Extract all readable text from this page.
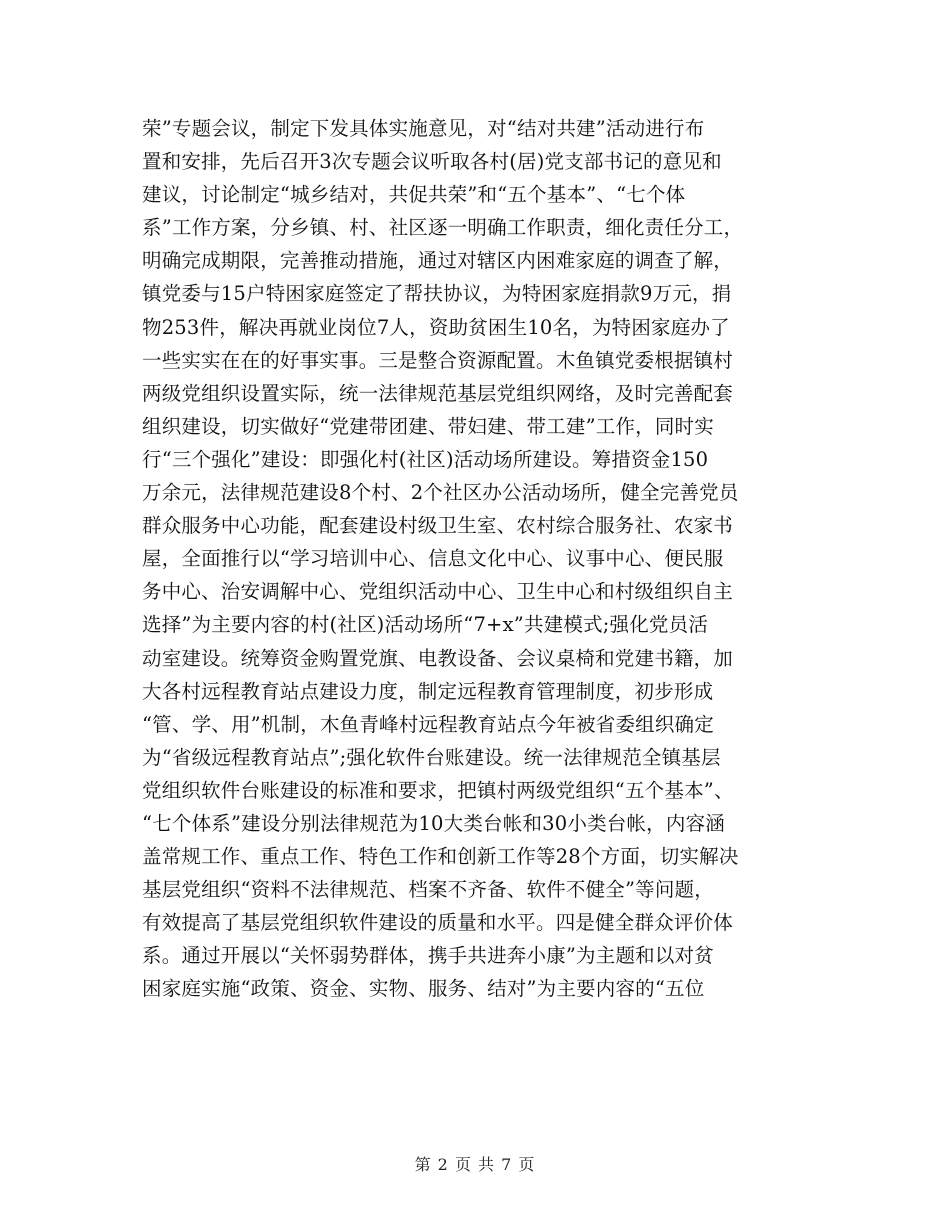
荣”专题会议，制定下发具体实施意见，对“结对共建”活动进行布
置和安排，先后召开3次专题会议听取各村(居)党支部书记的意见和
建议，讨论制定“城乡结对，共促共荣”和“五个基本”、“七个体
系”工作方案，分乡镇、村、社区逐一明确工作职责，细化责任分工，
明确完成期限，完善推动措施，通过对辖区内困难家庭的调查了解，
镇党委与15户特困家庭签定了帮扶协议，为特困家庭捐款9万元，捐
物253件，解决再就业岗位7人，资助贫困生10名，为特困家庭办了
一些实实在在的好事实事。三是整合资源配置。木鱼镇党委根据镇村
两级党组织设置实际，统一法律规范基层党组织网络，及时完善配套
组织建设，切实做好“党建带团建、带妇建、带工建”工作，同时实
行“三个强化”建设：即强化村(社区)活动场所建设。筹措资金150
万余元，法律规范建设8个村、2个社区办公活动场所，健全完善党员
群众服务中心功能，配套建设村级卫生室、农村综合服务社、农家书
屋，全面推行以“学习培训中心、信息文化中心、议事中心、便民服
务中心、治安调解中心、党组织活动中心、卫生中心和村级组织自主
选择”为主要内容的村(社区)活动场所“7+x”共建模式;强化党员活
动室建设。统筹资金购置党旗、电教设备、会议桌椅和党建书籍，加
大各村远程教育站点建设力度，制定远程教育管理制度，初步形成
“管、学、用”机制，木鱼青峰村远程教育站点今年被省委组织确定
为“省级远程教育站点”;强化软件台账建设。统一法律规范全镇基层
党组织软件台账建设的标准和要求，把镇村两级党组织“五个基本”、
“七个体系”建设分别法律规范为10大类台帐和30小类台帐，内容涵
盖常规工作、重点工作、特色工作和创新工作等28个方面，切实解决
基层党组织“资料不法律规范、档案不齐备、软件不健全”等问题，
有效提高了基层党组织软件建设的质量和水平。四是健全群众评价体
系。通过开展以“关怀弱势群体，携手共进奔小康”为主题和以对贫
困家庭实施“政策、资金、实物、服务、结对”为主要内容的“五位
第 2 页 共 7 页
